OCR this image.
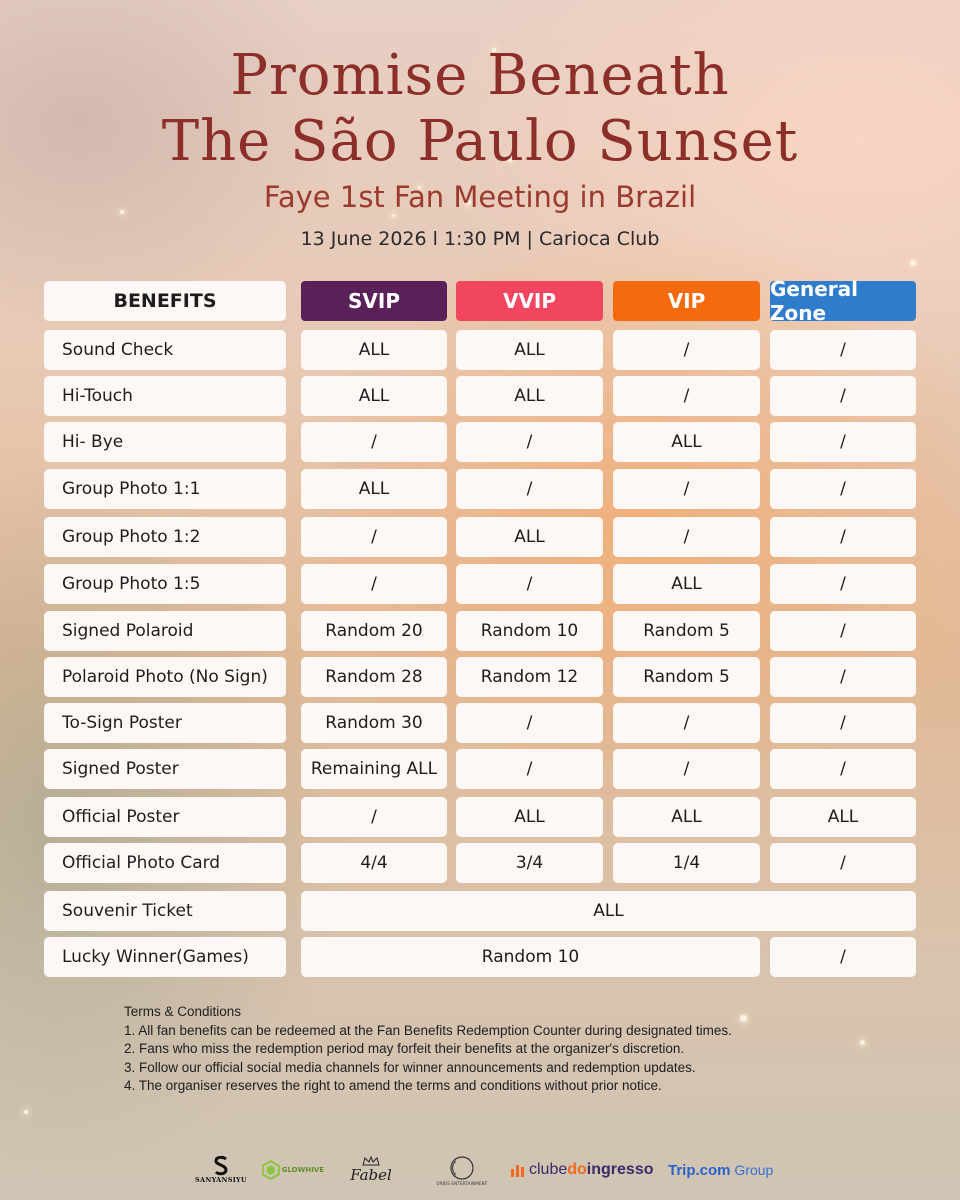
Promise Beneath
The São Paulo Sunset
Faye 1st Fan Meeting in Brazil
13 June 2026 l 1:30 PM | Carioca Club
BENEFITS	SVIP	VVIP	VIP	General Zone
Sound Check	ALL	ALL	/	/
Hi-Touch	ALL	ALL	/	/
Hi- Bye	/	/	ALL	/
Group Photo 1:1	ALL	/	/	/
Group Photo 1:2	/	ALL	/	/
Group Photo 1:5	/	/	ALL	/
Signed Polaroid	Random 20	Random 10	Random 5	/
Polaroid Photo (No Sign)	Random 28	Random 12	Random 5	/
To-Sign Poster	Random 30	/	/	/
Signed Poster	Remaining ALL	/	/	/
Official Poster	/	ALL	ALL	ALL
Official Photo Card	4/4	3/4	1/4	/
Souvenir Ticket	ALL
Lucky Winner(Games)	Random 10	/
Terms & Conditions
1. All fan benefits can be redeemed at the Fan Benefits Redemption Counter during designated times.
2. Fans who miss the redemption period may forfeit their benefits at the organizer's discretion.
3. Follow our official social media channels for winner announcements and redemption updates.
4. The organiser reserves the right to amend the terms and conditions without prior notice.
SANYANSIYU
GLOWHIVE Fabel	ORBIS ENTERTAINMENT
clubedoingresso Trip.com Group
